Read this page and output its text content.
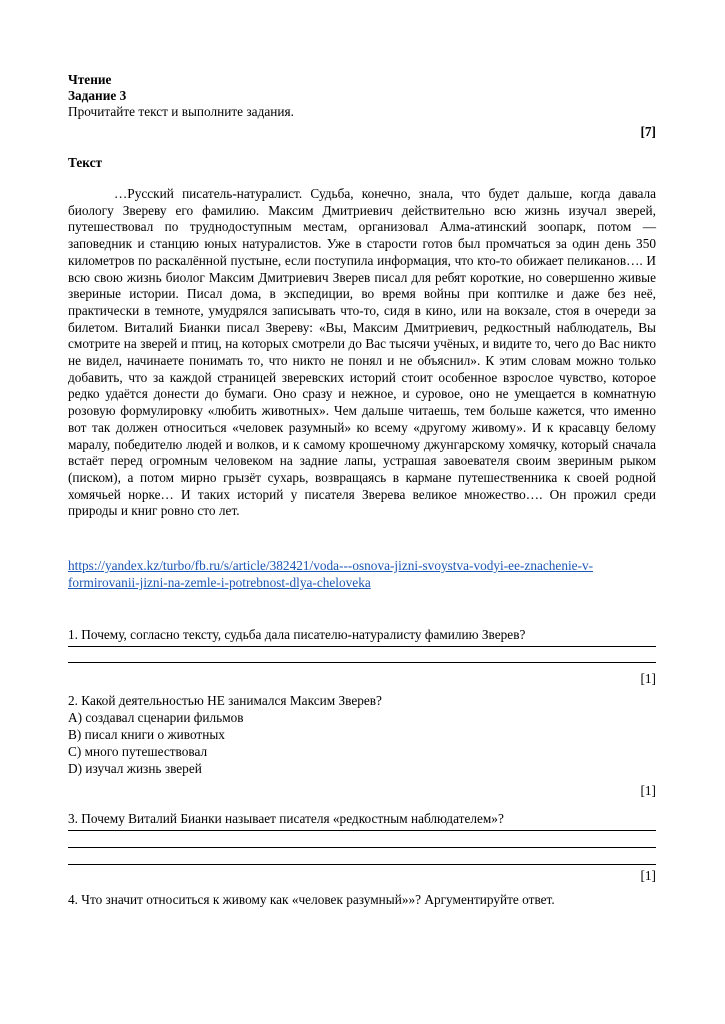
Чтение
Задание 3
Прочитайте текст и выполните задания.
[7]
Текст

…Русский писатель-натуралист. Судьба, конечно, знала, что будет дальше, когда давала биологу Звереву его фамилию. Максим Дмитриевич действительно всю жизнь изучал зверей, путешествовал по труднодоступным местам, организовал Алма-атинский зоопарк, потом — заповедник и станцию юных натуралистов. Уже в старости готов был промчаться за один день 350 километров по раскалённой пустыне, если поступила информация, что кто-то обижает пеликанов…. И всю свою жизнь биолог Максим Дмитриевич Зверев писал для ребят короткие, но совершенно живые звериные истории. Писал дома, в экспедиции, во время войны при коптилке и даже без неё, практически в темноте, умудрялся записывать что-то, сидя в кино, или на вокзале, стоя в очереди за билетом. Виталий Бианки писал Звереву: «Вы, Максим Дмитриевич, редкостный наблюдатель, Вы смотрите на зверей и птиц, на которых смотрели до Вас тысячи учёных, и видите то, чего до Вас никто не видел, начинаете понимать то, что никто не понял и не объяснил». К этим словам можно только добавить, что за каждой страницей зверевских историй стоит особенное взрослое чувство, которое редко удаётся донести до бумаги. Оно сразу и нежное, и суровое, оно не умещается в комнатную розовую формулировку «любить животных». Чем дальше читаешь, тем больше кажется, что именно вот так должен относиться «человек разумный» ко всему «другому живому». И к красавцу белому маралу, победителю людей и волков, и к самому крошечному джунгарскому хомячку, который сначала встаёт перед огромным человеком на задние лапы, устрашая завоевателя своим звериным рыком (писком), а потом мирно грызёт сухарь, возвращаясь в кармане путешественника к своей родной хомячьей норке… И таких историй у писателя Зверева великое множество…. Он прожил среди природы и книг ровно сто лет.

https://yandex.kz/turbo/fb.ru/s/article/382421/voda---osnova-jizni-svoystva-vodyi-ee-znachenie-v-
formirovanii-jizni-na-zemle-i-potrebnost-dlya-cheloveka
1. Почему, согласно тексту, судьба дала писателю-натуралисту фамилию Зверев?
[1]
2. Какой деятельностью НЕ занимался Максим Зверев?
A) создавал сценарии фильмов
B) писал книги о животных
C) много путешествовал
D) изучал жизнь зверей
[1]
3. Почему Виталий Бианки называет писателя «редкостным наблюдателем»?
[1]
4. Что значит относиться к живому как «человек разумный»»? Аргументируйте ответ.
